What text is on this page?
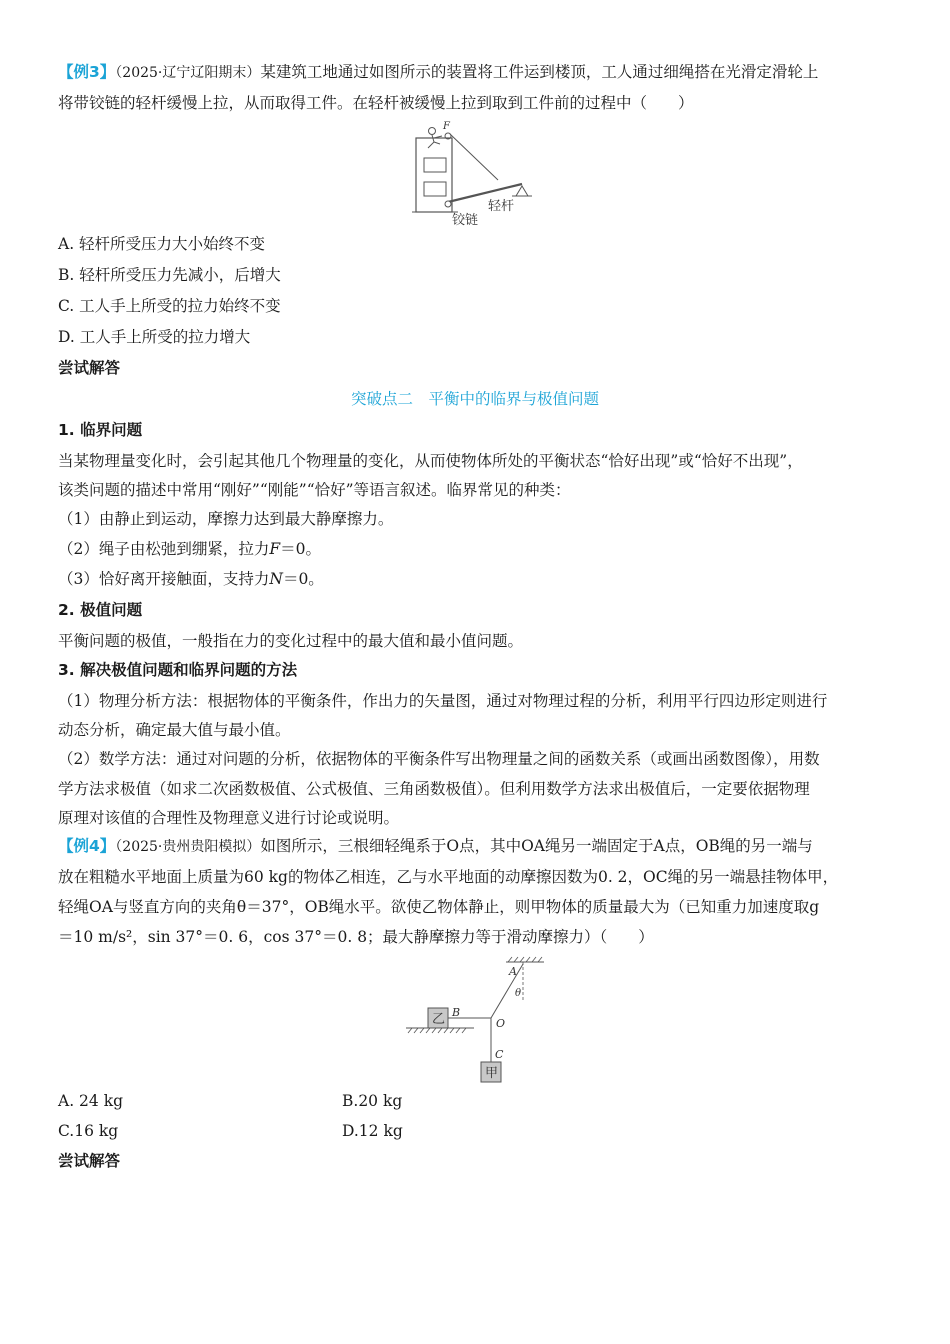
【例3】（2025·辽宁辽阳期末）某建筑工地通过如图所示的装置将工件运到楼顶，工人通过细绳搭在光滑定滑轮上
将带铰链的轻杆缓慢上拉，从而取得工件。在轻杆被缓慢上拉到取到工件前的过程中（　　）
F
轻杆
铰链
A. 轻杆所受压力大小始终不变
B. 轻杆所受压力先减小，后增大
C. 工人手上所受的拉力始终不变
D. 工人手上所受的拉力增大
尝试解答
突破点二　平衡中的临界与极值问题
1. 临界问题
当某物理量变化时，会引起其他几个物理量的变化，从而使物体所处的平衡状态“恰好出现”或“恰好不出现”，
该类问题的描述中常用“刚好”“刚能”“恰好”等语言叙述。临界常见的种类：
（1）由静止到运动，摩擦力达到最大静摩擦力。
（2）绳子由松弛到绷紧，拉力F＝0。
（3）恰好离开接触面，支持力N＝0。
2. 极值问题
平衡问题的极值，一般指在力的变化过程中的最大值和最小值问题。
3. 解决极值问题和临界问题的方法
（1）物理分析方法：根据物体的平衡条件，作出力的矢量图，通过对物理过程的分析，利用平行四边形定则进行
动态分析，确定最大值与最小值。
（2）数学方法：通过对问题的分析，依据物体的平衡条件写出物理量之间的函数关系（或画出函数图像），用数
学方法求极值（如求二次函数极值、公式极值、三角函数极值）。但利用数学方法求出极值后，一定要依据物理
原理对该值的合理性及物理意义进行讨论或说明。
【例4】（2025·贵州贵阳模拟）如图所示，三根细轻绳系于O点，其中OA绳另一端固定于A点，OB绳的另一端与
放在粗糙水平地面上质量为60 kg的物体乙相连，乙与水平地面的动摩擦因数为0. 2，OC绳的另一端悬挂物体甲，
轻绳OA与竖直方向的夹角θ＝37°，OB绳水平。欲使乙物体静止，则甲物体的质量最大为（已知重力加速度取g
＝10 m/s²，sin 37°＝0. 6，cos 37°＝0. 8；最大静摩擦力等于滑动摩擦力）（　　）
A
θ
乙 B
O
C
甲
A. 24 kg	B.20 kg
C.16 kg	D.12 kg
尝试解答
